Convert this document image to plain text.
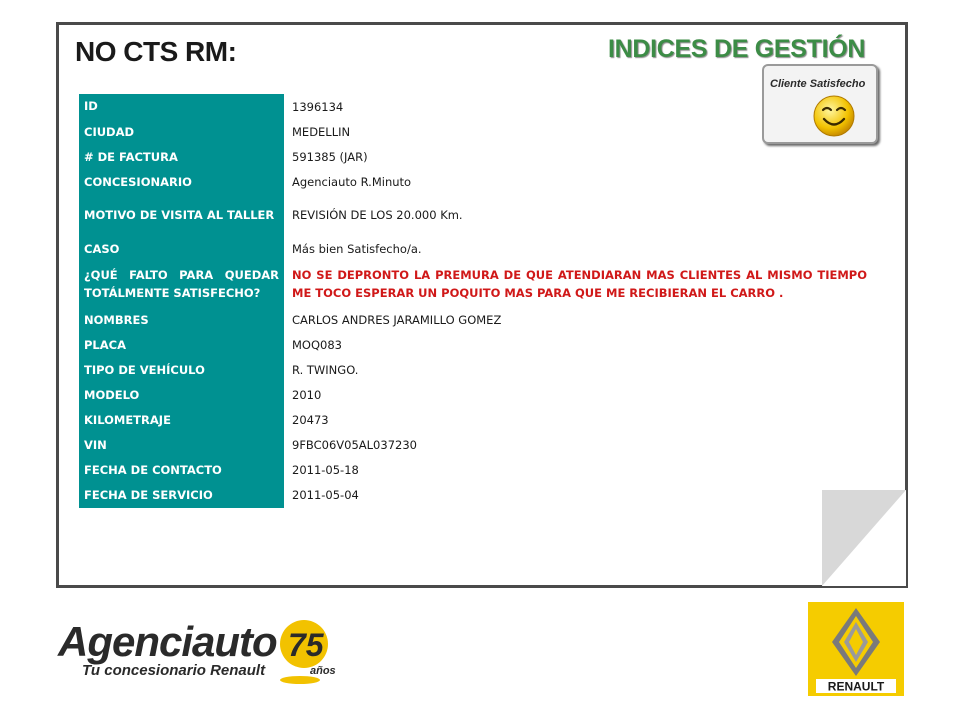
NO CTS RM:	INDICES DE GESTIÓN
Cliente Satisfecho
ID	1396134
CIUDAD	MEDELLIN
# DE FACTURA	591385 (JAR)
CONCESIONARIO	Agenciauto R.Minuto
MOTIVO DE VISITA AL TALLER	REVISIÓN DE LOS 20.000 Km.
CASO	Más bien Satisfecho/a.
¿QUÉ FALTO PARA QUEDAR TOTÁLMENTE SATISFECHO?	NO SE DEPRONTO LA PREMURA DE QUE ATENDIARAN MAS CLIENTES AL MISMO TIEMPO ME TOCO ESPERAR UN POQUITO MAS PARA QUE ME RECIBIERAN EL CARRO .
NOMBRES	CARLOS ANDRES JARAMILLO GOMEZ
PLACA	MOQ083
TIPO DE VEHÍCULO	R. TWINGO.
MODELO	2010
KILOMETRAJE	20473
VIN	9FBC06V05AL037230
FECHA DE CONTACTO	2011-05-18
FECHA DE SERVICIO	2011-05-04
Agenciauto
Tu concesionario Renault
75
años
RENAULT
